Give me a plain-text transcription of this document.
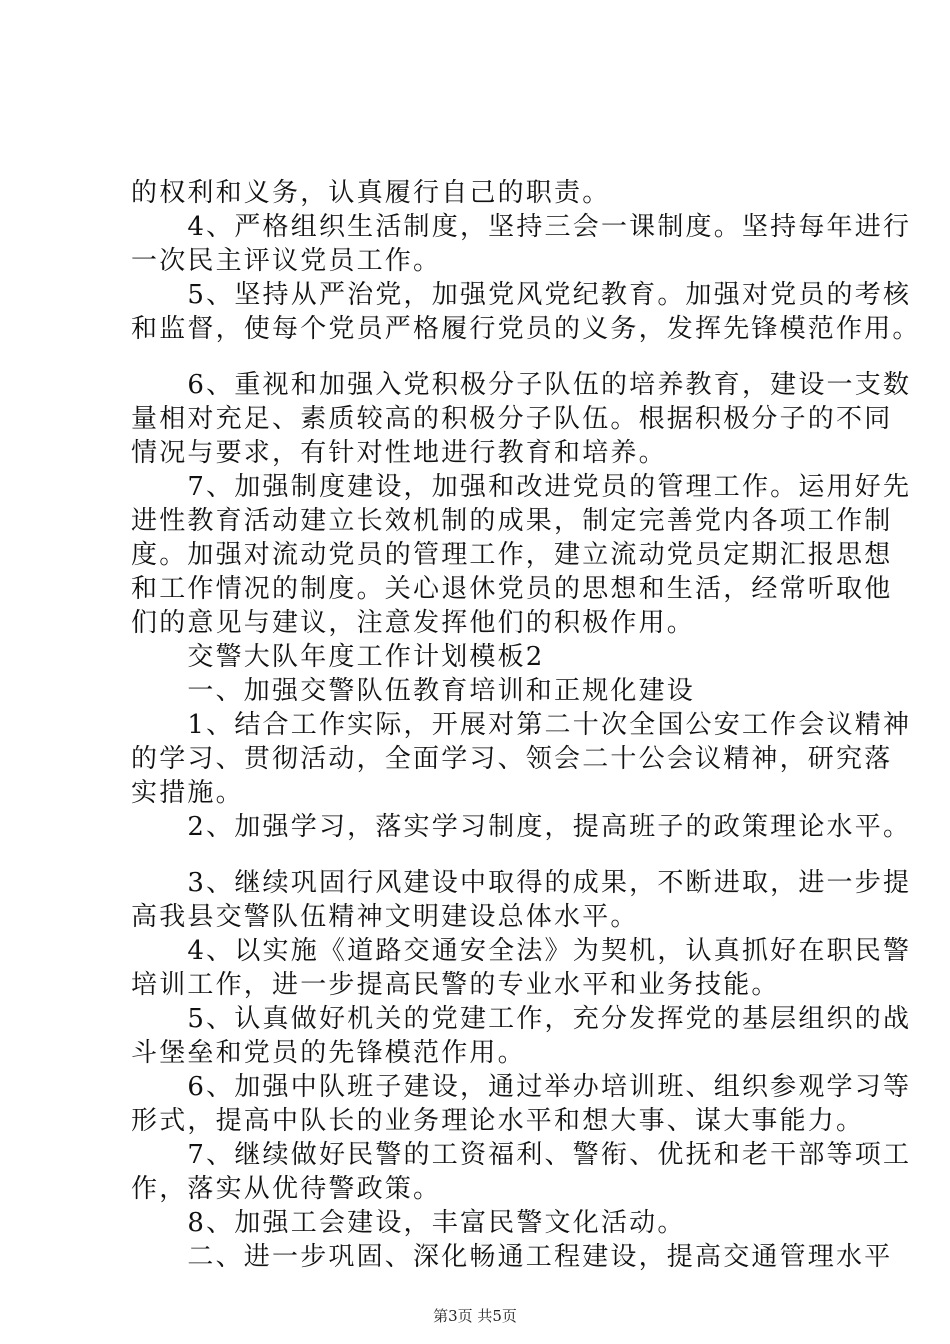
的权利和义务，认真履行自己的职责。
　　4、严格组织生活制度，坚持三会一课制度。坚持每年进行
一次民主评议党员工作。
　　5、坚持从严治党，加强党风党纪教育。加强对党员的考核
和监督，使每个党员严格履行党员的义务，发挥先锋模范作用。
　　6、重视和加强入党积极分子队伍的培养教育，建设一支数
量相对充足、素质较高的积极分子队伍。根据积极分子的不同
情况与要求，有针对性地进行教育和培养。
　　7、加强制度建设，加强和改进党员的管理工作。运用好先
进性教育活动建立长效机制的成果，制定完善党内各项工作制
度。加强对流动党员的管理工作，建立流动党员定期汇报思想
和工作情况的制度。关心退休党员的思想和生活，经常听取他
们的意见与建议，注意发挥他们的积极作用。
　　交警大队年度工作计划模板2
　　一、加强交警队伍教育培训和正规化建设
　　1、结合工作实际，开展对第二十次全国公安工作会议精神
的学习、贯彻活动，全面学习、领会二十公会议精神，研究落
实措施。
　　2、加强学习，落实学习制度，提高班子的政策理论水平。
　　3、继续巩固行风建设中取得的成果，不断进取，进一步提
高我县交警队伍精神文明建设总体水平。
　　4、以实施《道路交通安全法》为契机，认真抓好在职民警
培训工作，进一步提高民警的专业水平和业务技能。
　　5、认真做好机关的党建工作，充分发挥党的基层组织的战
斗堡垒和党员的先锋模范作用。
　　6、加强中队班子建设，通过举办培训班、组织参观学习等
形式，提高中队长的业务理论水平和想大事、谋大事能力。
　　7、继续做好民警的工资福利、警衔、优抚和老干部等项工
作，落实从优待警政策。
　　8、加强工会建设，丰富民警文化活动。
　　二、进一步巩固、深化畅通工程建设，提高交通管理水平
第3页 共5页
